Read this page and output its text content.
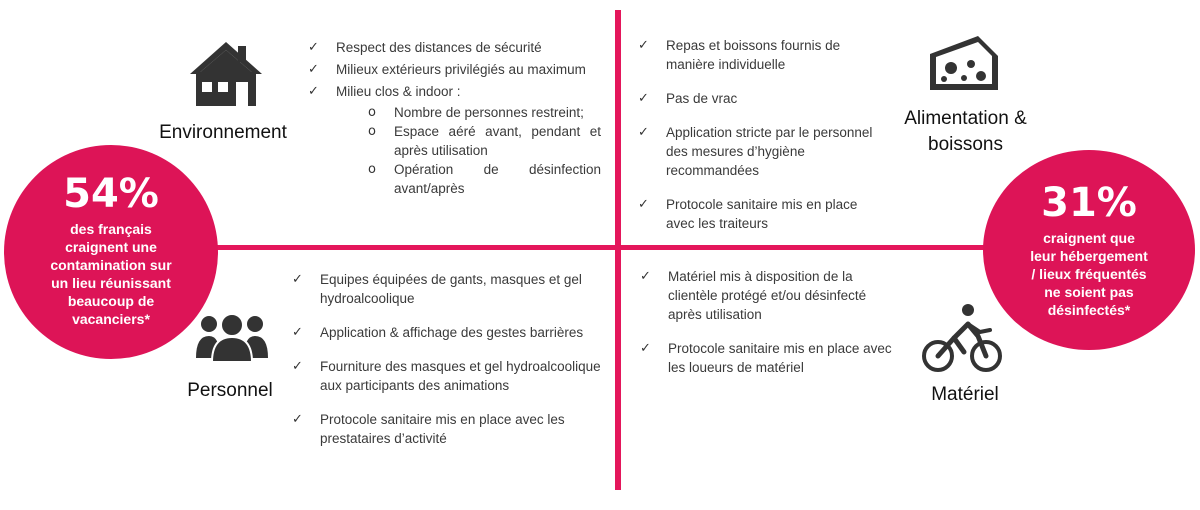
Environnement
✓ Respect des distances de sécurité
✓ Milieux extérieurs privilégiés au maximum
✓ Milieu clos & indoor :
o Nombre de personnes restreint;
o Espace aéré avant, pendant et après utilisation
o Opération de désinfection avant/après
Alimentation &
boissons
✓ Repas et boissons fournis de manière individuelle
✓ Pas de vrac
✓ Application stricte par le personnel des mesures d’hygiène recommandées
✓ Protocole sanitaire mis en place avec les traiteurs
Personnel
✓ Equipes équipées de gants, masques et gel hydroalcoolique
✓ Application & affichage des gestes barrières
✓ Fourniture des masques et gel hydroalcoolique aux participants des animations
✓ Protocole sanitaire mis en place avec les prestataires d’activité
Matériel
✓ Matériel mis à disposition de la clientèle protégé et/ou désinfecté après utilisation
✓ Protocole sanitaire mis en place avec les loueurs de matériel
54%
des français
craignent une
contamination sur
un lieu réunissant
beaucoup de
vacanciers*
31%
craignent que
leur hébergement
/ lieux fréquentés
ne soient pas
désinfectés*
